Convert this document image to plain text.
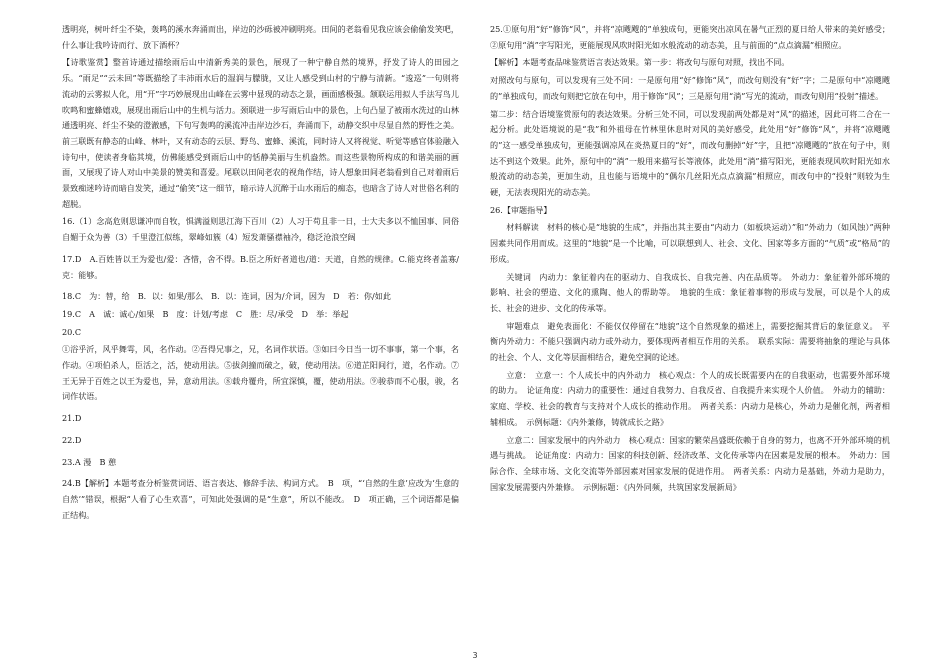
透明亮，树叶纤尘不染，轰鸣的溪水奔涌而出，岸边的沙砾被冲刷明亮。田间的老翁看见我应该会偷偷发笑吧，什么事让我吟诗而行、放下酒杯？

【诗歌鉴赏】整首诗通过描绘雨后山中清新秀美的景色，展现了一种宁静自然的境界，抒发了诗人的田园之乐。“雨足”“云未回”等既描绘了丰沛雨水后的湿润与朦胧，又让人感受到山村的宁静与清新。“逡巡”一句则将流动的云雾拟人化，用“开”字巧妙展现出山峰在云雾中显现的动态之景，画面感极强。颔联运用拟人手法写鸟儿吹鸣和蜜蜂嬉戏，展现出雨后山中的生机与活力。颈联进一步写雨后山中的景色，上句凸显了被雨水洗过的山林通透明亮、纤尘不染的澄澈感，下句写轰鸣的溪流冲击岸边沙石，奔涌而下，动静交织中尽显自然的野性之美。前三联既有静态的山峰、林叶，又有动态的云层、野鸟、蜜蜂、溪流，同时诗人又将视觉、听觉等感官体验融入诗句中，使读者身临其境，仿佛能感受到雨后山中的恬静美丽与生机盎然。而这些景物所构成的和谐美丽的画面，又展现了诗人对山中美景的赞美和喜爱。尾联以田间老农的视角作结，诗人想象田间老翁看到自己对着雨后景致痴迷吟诗而暗自发笑，通过“偷笑”这一细节，暗示诗人沉醉于山水雨后的痴态，也暗含了诗人对世俗名利的超脱。

16.（1）念高危则思谦冲而自牧，惧满溢则思江海下百川（2）人习于苟且非一日，士大夫多以不恤国事、同俗自媚于众为善（3）千里澄江似练，翠峰如簇（4）短发萧骚襟袖冷，稳泛沧浪空阔

17.D　A.百姓皆以王为爱也/爱：吝惜，舍不得。B.臣之所好者道也/道：天道，自然的规律。C.能克终者盖寡/克：能够。

18.C　为：替，给　B．以：如果/那么　B．以：连词，因为/介词，因为　D　若：你/如此

19.C　A　诚：诚心/如果　B　度：计划/考虑　C　胜：尽/承受　D　举：举起

20.C

①浴乎沂，风乎舞雩，风，名作动。②吾得兄事之，兄，名词作状语。③如曰今日当一切不事事，第一个事，名作动。④项伯杀人，臣活之，活，使动用法。⑤拔剑撞而破之，破，使动用法。⑥道芷阳间行，道，名作动。⑦王无异于百姓之以王为爱也，异，意动用法。⑧载舟覆舟，所宜深慎，覆，使动用法。⑨骏恭而不心服，骏，名词作状语。

21.D

22.D

23.A 漫　B 憩

24.B【解析】本题考查分析鉴赏词语、语言表达、修辞手法、构词方式。　B　项，“‘自然的生意’应改为‘生意的自然’”错误，根据“人看了心生欢喜”，可知此处强调的是“生意”，所以不能改。　D　项正确，三个词语都是偏正结构。

25.①原句用“好”修饰“风”，并将“凉飕飕的”单独成句，更能突出凉风在暑气正烈的夏日给人带来的美好感受；②原句用“淌”字写阳光，更能展现风吹时阳光如水般流动的动态美，且与前面的“点点滴漏”相照应。

【解析】本题考查品味鉴赏语言表达效果。第一步：将改句与原句对照，找出不同。

对照改句与原句，可以发现有三处不同：一是原句用“好”修饰“风”，而改句则没有“好”字；二是原句中“凉飕飕的”单独成句，而改句则把它放在句中，用于修饰“风”；三是原句用“淌”写光的流动，而改句则用“投射”描述。

第二步：结合语境鉴赏原句的表达效果。分析三处不同，可以发现前两处都是对“风”的描述，因此可将二合在一起分析。此处语境说的是“我”和外祖母在竹林里休息时对风的美好感受，此处用“好”修饰“风”，并将“凉飕飕的”这一感受单独成句，更能强调凉风在炎热夏日的“好”，而改句删掉“好”字，且把“凉飕飕的”放在句子中，则达不到这个效果。此外，原句中的“淌”一般用来描写长等液体，此处用“淌”描写阳光，更能表现风吹时阳光如水般流动的动态美，更加生动，且也能与语境中的“偶尔几丝阳光点点滴漏”相照应，而改句中的“投射”则较为生硬，无法表现阳光的动态美。

26.【审题指导】

材料解读　材料的核心是“地貌的生成”，并指出其主要由“内动力（如板块运动）”和“外动力（如风蚀）”两种因素共同作用而成。这里的“地貌”是一个比喻，可以联想到人、社会、文化、国家等多方面的“气质”或“格局”的形成。

关键词　内动力：象征着内在的驱动力、自我成长、自我完善、内在品质等。　外动力：象征着外部环境的影响、社会的塑造、文化的熏陶、他人的帮助等。　地貌的生成：象征着事物的形成与发展，可以是个人的成长、社会的进步、文化的传承等。

审题难点　避免表面化：不能仅仅停留在“地貌”这个自然现象的描述上，需要挖掘其背后的象征意义。　平衡内外动力：不能只强调内动力或外动力，要体现两者相互作用的关系。　联系实际：需要将抽象的理论与具体的社会、个人、文化等层面相结合，避免空洞的论述。

立意：　立意一：个人成长中的内外动力　核心观点：个人的成长既需要内在的自我驱动，也需要外部环境的助力。　论证角度：内动力的重要性：通过自我努力、自我反省、自我提升来实现个人价值。　外动力的辅助：家庭、学校、社会的教育与支持对个人成长的推动作用。　两者关系：内动力是核心，外动力是催化剂，两者相辅相成。　示例标题：《内外兼修，铸就成长之路》

立意二：国家发展中的内外动力　核心观点：国家的繁荣昌盛既依赖于自身的努力，也离不开外部环境的机遇与挑战。　论证角度：内动力：国家的科技创新、经济改革、文化传承等内在因素是发展的根本。　外动力：国际合作、全球市场、文化交流等外部因素对国家发展的促进作用。　两者关系：内动力是基础，外动力是助力，国家发展需要内外兼修。　示例标题：《内外同频，共筑国家发展新局》

3
